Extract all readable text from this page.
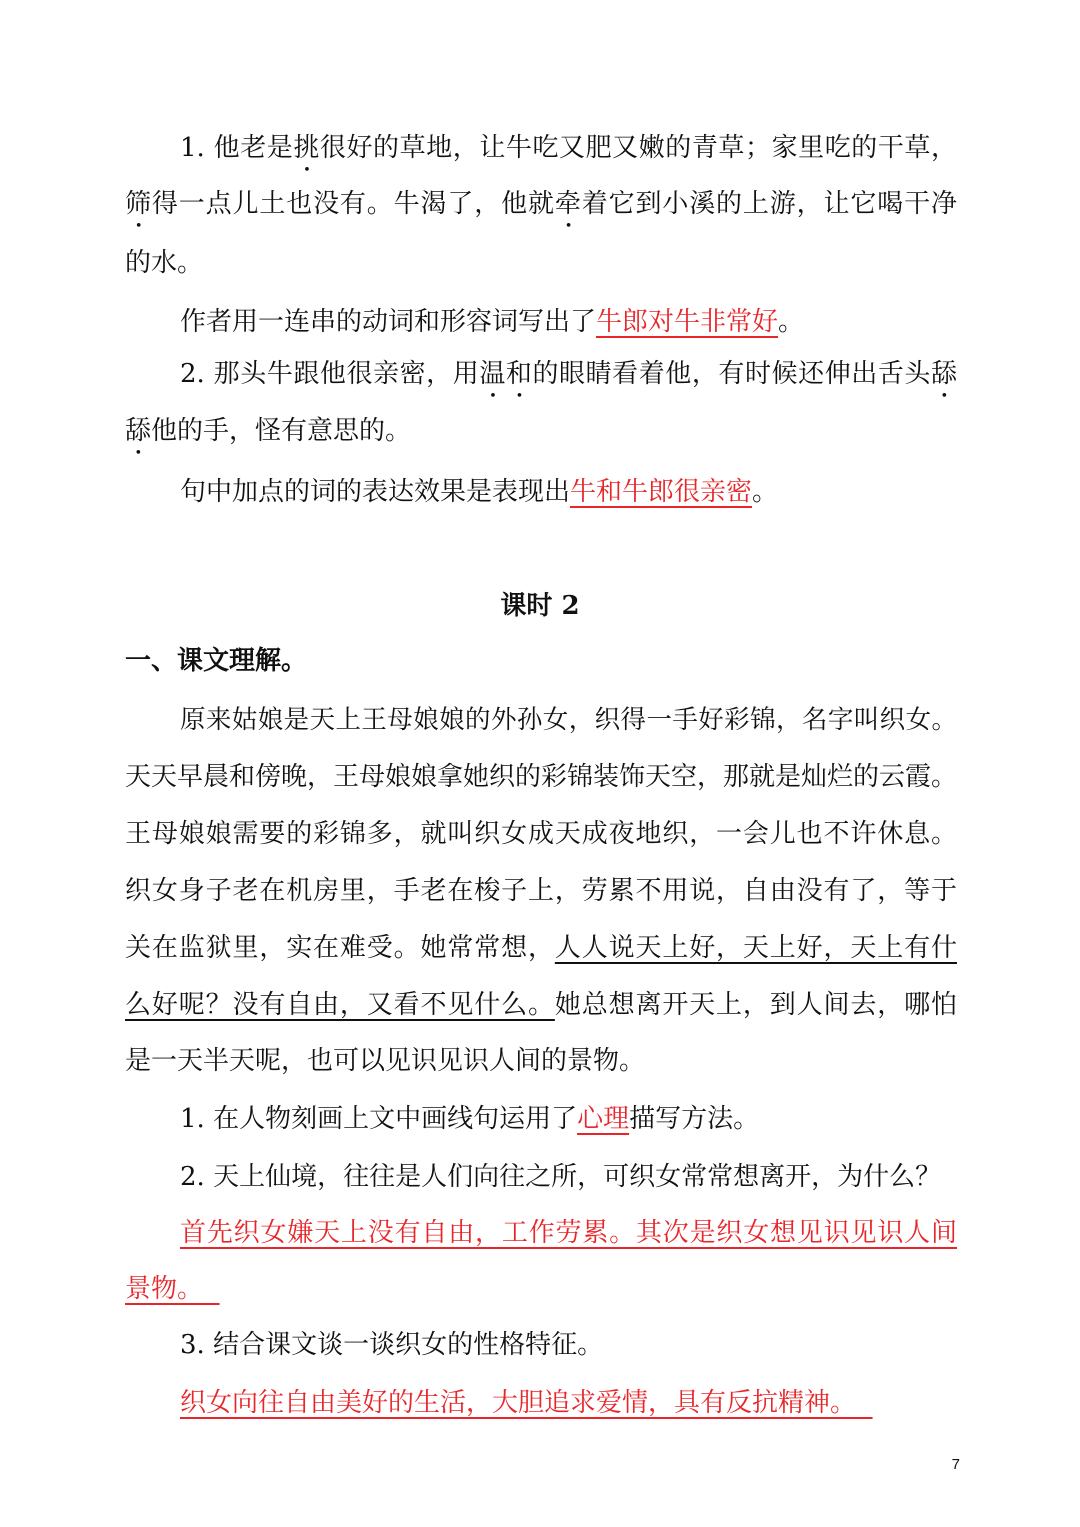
1. 他老是挑很好的草地，让牛吃又肥又嫩的青草；家里吃的干草，

筛得一点儿土也没有。牛渴了，他就牵着它到小溪的上游，让它喝干净

的水。

作者用一连串的动词和形容词写出了牛郎对牛非常好。

2. 那头牛跟他很亲密，用温和的眼睛看着他，有时候还伸出舌头舔

舔他的手，怪有意思的。

句中加点的词的表达效果是表现出牛和牛郎很亲密。

课时 2

一、课文理解。

原来姑娘是天上王母娘娘的外孙女，织得一手好彩锦，名字叫织女。

天天早晨和傍晚，王母娘娘拿她织的彩锦装饰天空，那就是灿烂的云霞。

王母娘娘需要的彩锦多，就叫织女成天成夜地织，一会儿也不许休息。

织女身子老在机房里，手老在梭子上，劳累不用说，自由没有了，等于

关在监狱里，实在难受。她常常想，人人说天上好，天上好，天上有什

么好呢？没有自由，又看不见什么。她总想离开天上，到人间去，哪怕

是一天半天呢，也可以见识见识人间的景物。

1. 在人物刻画上文中画线句运用了心理描写方法。

2. 天上仙境，往往是人们向往之所，可织女常常想离开，为什么？

首先织女嫌天上没有自由，工作劳累。其次是织女想见识见识人间

景物。

3. 结合课文谈一谈织女的性格特征。

织女向往自由美好的生活，大胆追求爱情，具有反抗精神。

7
